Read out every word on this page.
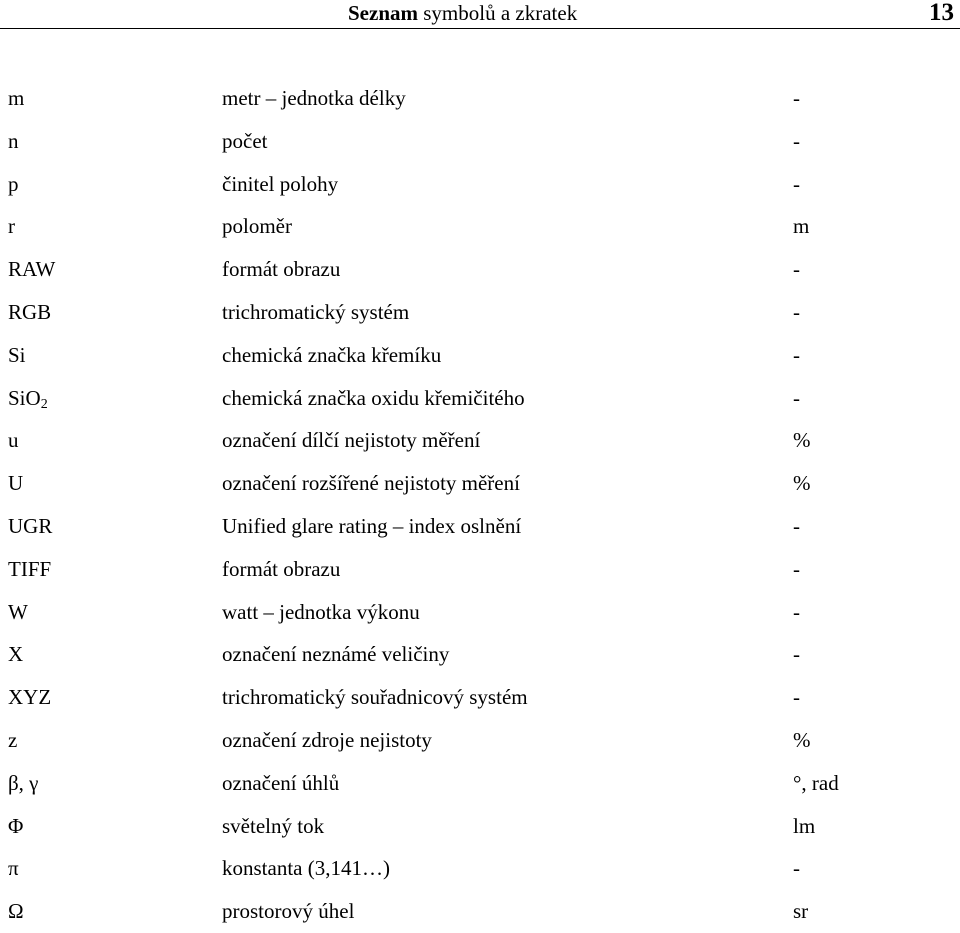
Seznam symbolů a zkratek	13
m	metr – jednotka délky	-
n	počet	-
p	činitel polohy	-
r	poloměr	m
RAW	formát obrazu	-
RGB	trichromatický systém	-
Si	chemická značka křemíku	-
SiO$_2$	chemická značka oxidu křemičitého	-
u	označení dílčí nejistoty měření	%
U	označení rozšířené nejistoty měření	%
UGR	Unified glare rating – index oslnění	-
TIFF	formát obrazu	-
W	watt – jednotka výkonu	-
X	označení neznámé veličiny	-
XYZ	trichromatický souřadnicový systém	-
z	označení zdroje nejistoty	%
β, γ	označení úhlů	°, rad
Φ	světelný tok	lm
π	konstanta (3,141…)	-
Ω	prostorový úhel	sr
